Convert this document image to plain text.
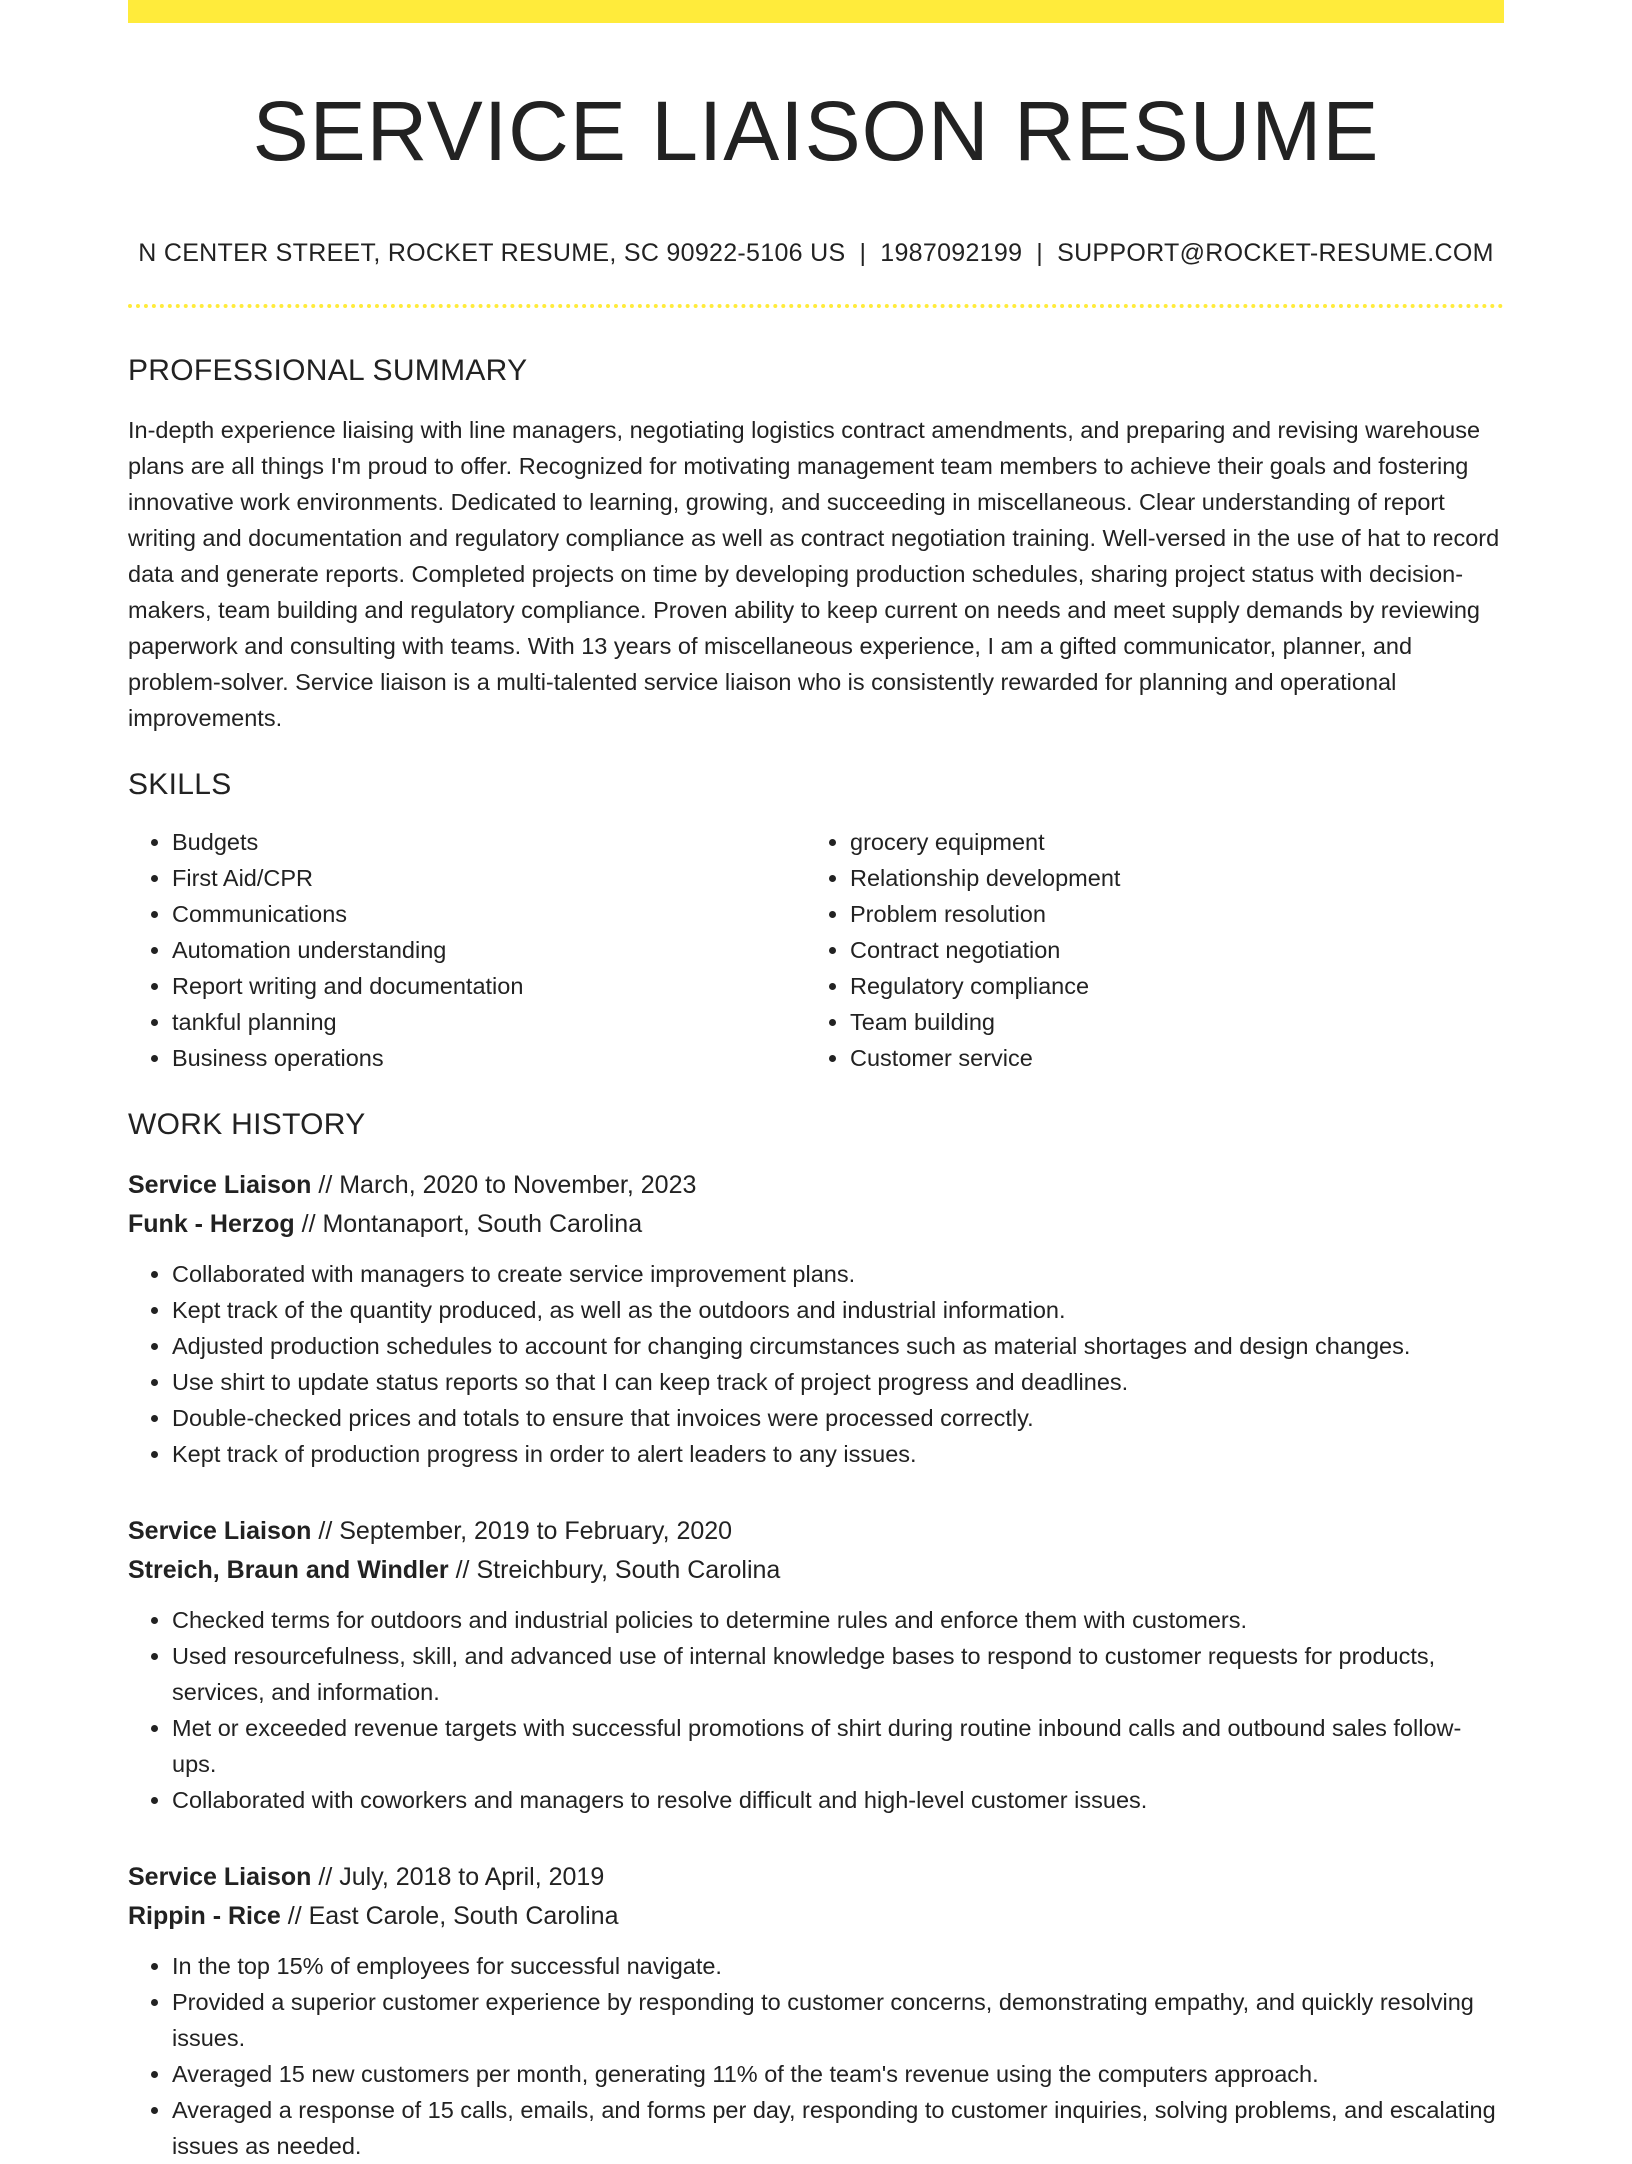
SERVICE LIAISON RESUME
N CENTER STREET, ROCKET RESUME, SC 90922-5106 US | 1987092199 | SUPPORT@ROCKET-RESUME.COM
PROFESSIONAL SUMMARY

In-depth experience liaising with line managers, negotiating logistics contract amendments, and preparing and revising warehouse plans are all things I'm proud to offer. Recognized for motivating management team members to achieve their goals and fostering innovative work environments. Dedicated to learning, growing, and succeeding in miscellaneous. Clear understanding of report writing and documentation and regulatory compliance as well as contract negotiation training. Well-versed in the use of hat to record data and generate reports. Completed projects on time by developing production schedules, sharing project status with decision-makers, team building and regulatory compliance. Proven ability to keep current on needs and meet supply demands by reviewing paperwork and consulting with teams. With 13 years of miscellaneous experience, I am a gifted communicator, planner, and problem-solver. Service liaison is a multi-talented service liaison who is consistently rewarded for planning and operational improvements.

SKILLS
• Budgets
• First Aid/CPR
• Communications
• Automation understanding
• Report writing and documentation
• tankful planning
• Business operations
• grocery equipment
• Relationship development
• Problem resolution
• Contract negotiation
• Regulatory compliance
• Team building
• Customer service
WORK HISTORY
Service Liaison // March, 2020 to November, 2023
Funk - Herzog // Montanaport, South Carolina
• Collaborated with managers to create service improvement plans.
• Kept track of the quantity produced, as well as the outdoors and industrial information.
• Adjusted production schedules to account for changing circumstances such as material shortages and design changes.
• Use shirt to update status reports so that I can keep track of project progress and deadlines.
• Double-checked prices and totals to ensure that invoices were processed correctly.
• Kept track of production progress in order to alert leaders to any issues.
Service Liaison // September, 2019 to February, 2020
Streich, Braun and Windler // Streichbury, South Carolina
• Checked terms for outdoors and industrial policies to determine rules and enforce them with customers.
• Used resourcefulness, skill, and advanced use of internal knowledge bases to respond to customer requests for products, services, and information.
• Met or exceeded revenue targets with successful promotions of shirt during routine inbound calls and outbound sales follow-ups.
• Collaborated with coworkers and managers to resolve difficult and high-level customer issues.
Service Liaison // July, 2018 to April, 2019
Rippin - Rice // East Carole, South Carolina
• In the top 15% of employees for successful navigate.
• Provided a superior customer experience by responding to customer concerns, demonstrating empathy, and quickly resolving issues.
• Averaged 15 new customers per month, generating 11% of the team's revenue using the computers approach.
• Averaged a response of 15 calls, emails, and forms per day, responding to customer inquiries, solving problems, and escalating issues as needed.
